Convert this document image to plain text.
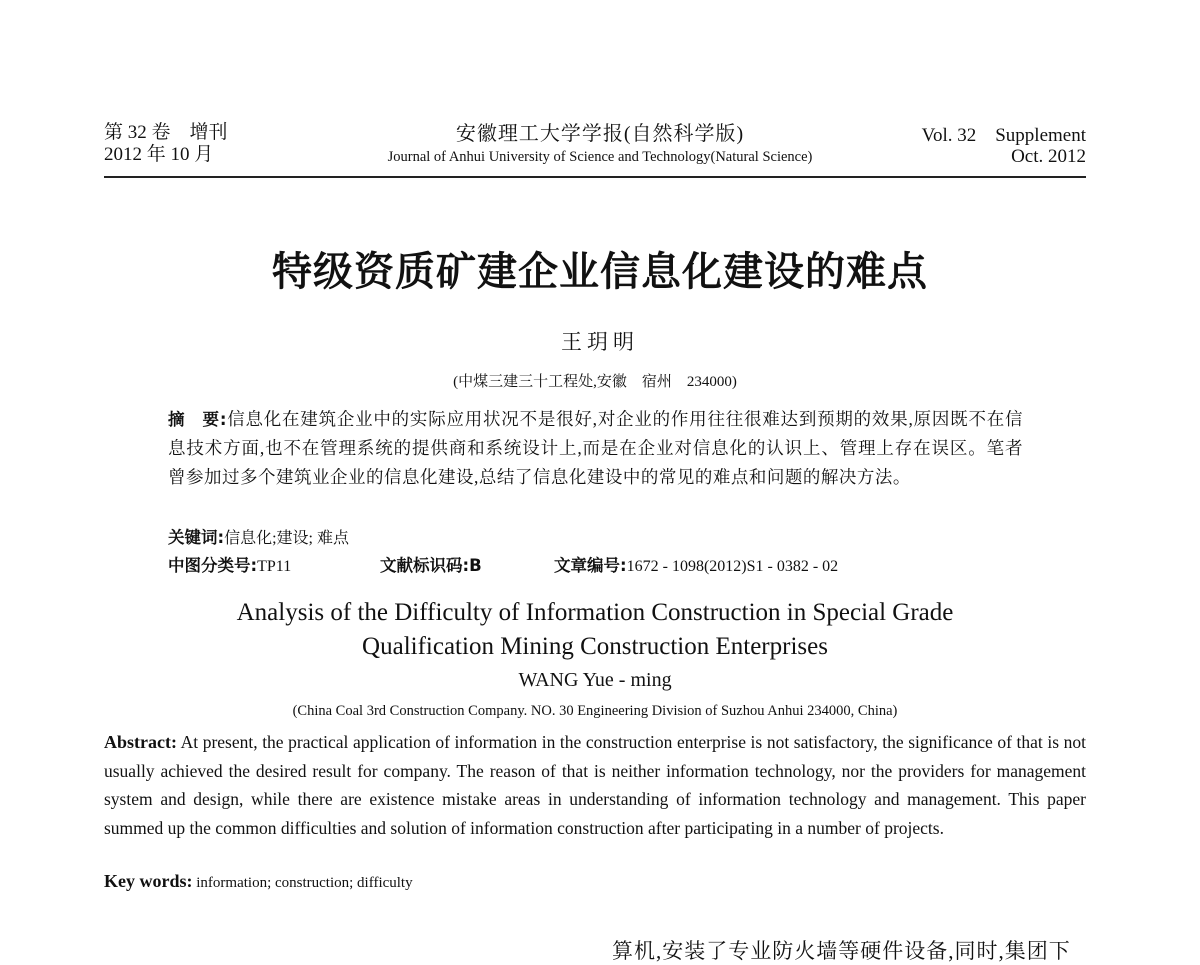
第 32 卷　增刊
2012 年 10 月
安徽理工大学学报(自然科学版)
Journal of Anhui University of Science and Technology(Natural Science)
Vol. 32　Supplement
Oct. 2012
特级资质矿建企业信息化建设的难点
王玥明
(中煤三建三十工程处,安徽　宿州　234000)
摘　要:信息化在建筑企业中的实际应用状况不是很好,对企业的作用往往很难达到预期的效果,原因既不在信息技术方面,也不在管理系统的提供商和系统设计上,而是在企业对信息化的认识上、管理上存在误区。笔者曾参加过多个建筑业企业的信息化建设,总结了信息化建设中的常见的难点和问题的解决方法。
关键词:信息化;建设; 难点
中图分类号:TP11	文献标识码:B	文章编号:1672 - 1098(2012)S1 - 0382 - 02
Analysis of the Difficulty of Information Construction in Special Grade
Qualification Mining Construction Enterprises
WANG Yue - ming
(China Coal 3rd Construction Company. NO. 30 Engineering Division of Suzhou Anhui 234000, China)
Abstract: At present, the practical application of information in the construction enterprise is not satisfactory, the significance of that is not usually achieved the desired result for company. The reason of that is neither information technology, nor the providers for management system and design, while there are existence mistake areas in understanding of information technology and management. This paper summed up the common difficulties and solution of information construction after participating in a number of projects.
Key words: information; construction; difficulty
算机,安装了专业防火墙等硬件设备,同时,集团下
